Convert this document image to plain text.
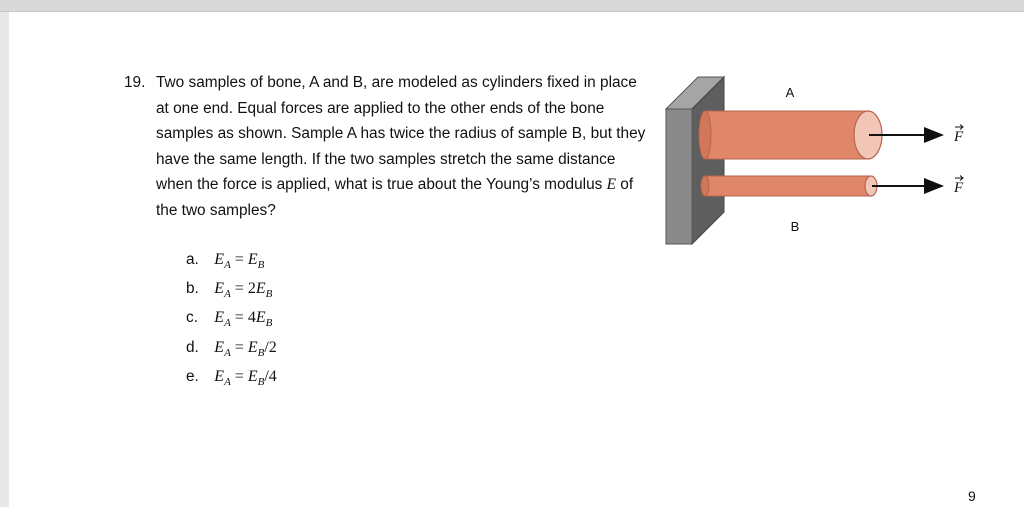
19. Two samples of bone, A and B, are modeled as cylinders fixed in place at one end. Equal forces are applied to the other ends of the bone samples as shown. Sample A has twice the radius of sample B, but they have the same length. If the two samples stretch the same distance when the force is applied, what is true about the Young’s modulus E of the two samples?
a. $E_A = E_B$
b. $E_A = 2E_B$
c. $E_A = 4E_B$
d. $E_A = E_B/2$
e. $E_A = E_B/4$
A
B
F
F
9
